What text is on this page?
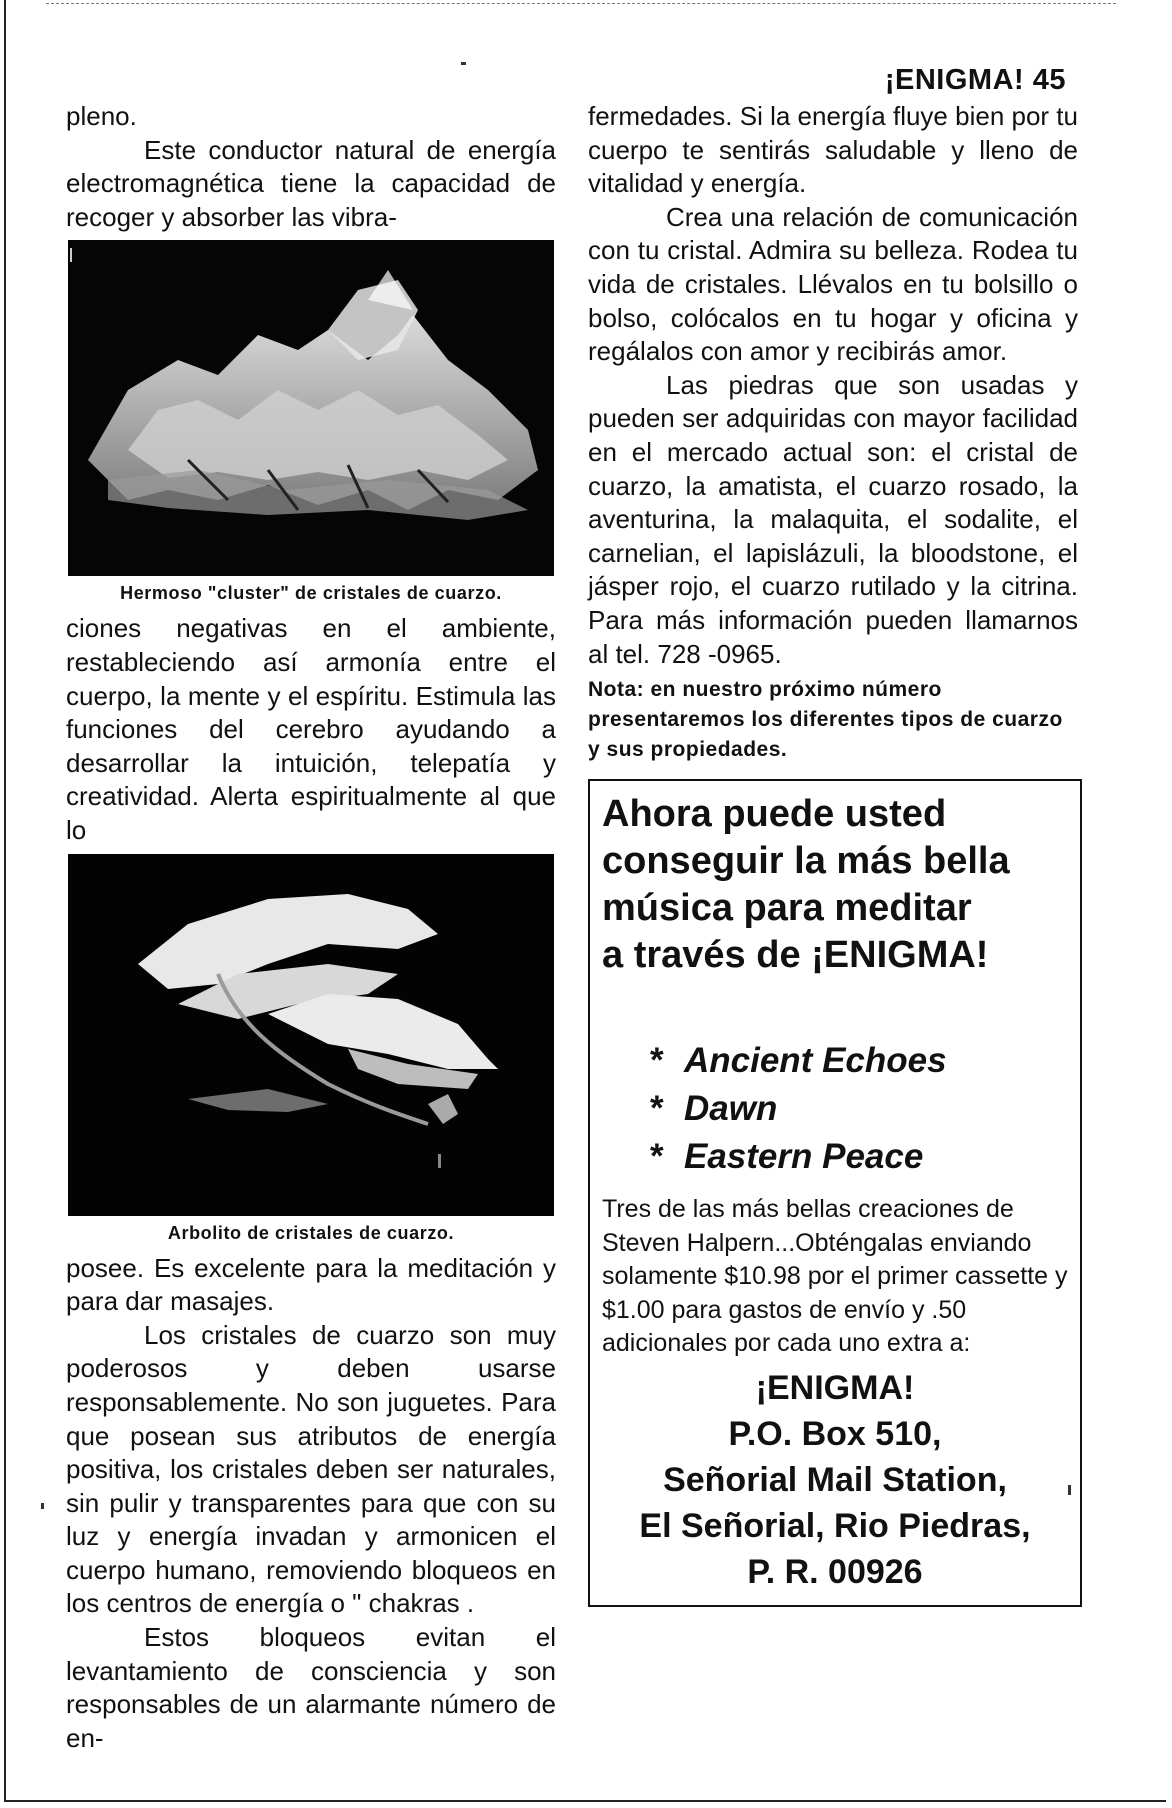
¡ENIGMA! 45

pleno.

Este conductor natural de energía electromagnética tiene la capacidad de recoger y absorber las vibra-

Hermoso "cluster" de cristales de cuarzo.

ciones negativas en el ambiente, restableciendo así armonía entre el cuerpo, la mente y el espíritu. Estimula las funciones del cerebro ayudando a desarrollar la intuición, telepatía y creatividad. Alerta espiritualmente al que lo

Arbolito de cristales de cuarzo.

posee. Es excelente para la meditación y para dar masajes.

Los cristales de cuarzo son muy poderosos y deben usarse responsablemente. No son juguetes. Para que posean sus atributos de energía positiva, los cristales deben ser naturales, sin pulir y transparentes para que con su luz y energía invadan y armonicen el cuerpo humano, removiendo bloqueos en los centros de energía o " chakras .

Estos bloqueos evitan el levantamiento de consciencia y son responsables de un alarmante número de en-

fermedades. Si la energía fluye bien por tu cuerpo te sentirás saludable y lleno de vitalidad y energía.

Crea una relación de comunicación con tu cristal. Admira su belleza. Rodea tu vida de cristales. Llévalos en tu bolsillo o bolso, colócalos en tu hogar y oficina y regálalos con amor y recibirás amor.

Las piedras que son usadas y pueden ser adquiridas con mayor facilidad en el mercado actual son: el cristal de cuarzo, la amatista, el cuarzo rosado, la aventurina, la malaquita, el sodalite, el carnelian, el lapislázuli, la bloodstone, el jásper rojo, el cuarzo rutilado y la citrina. Para más información pueden llamarnos al tel. 728 -0965.

Nota: en nuestro próximo número presentaremos los diferentes tipos de cuarzo y sus propiedades.
Ahora puede usted
conseguir la más bella
música para meditar
a través de ¡ENIGMA!
* Ancient Echoes
* Dawn
* Eastern Peace
Tres de las más bellas creaciones de Steven Halpern...Obténgalas enviando solamente $10.98 por el primer cassette y $1.00 para gastos de envío y .50 adicionales por cada uno extra a:
¡ENIGMA!
P.O. Box 510,
Señorial Mail Station,
El Señorial, Rio Piedras,
P. R. 00926
